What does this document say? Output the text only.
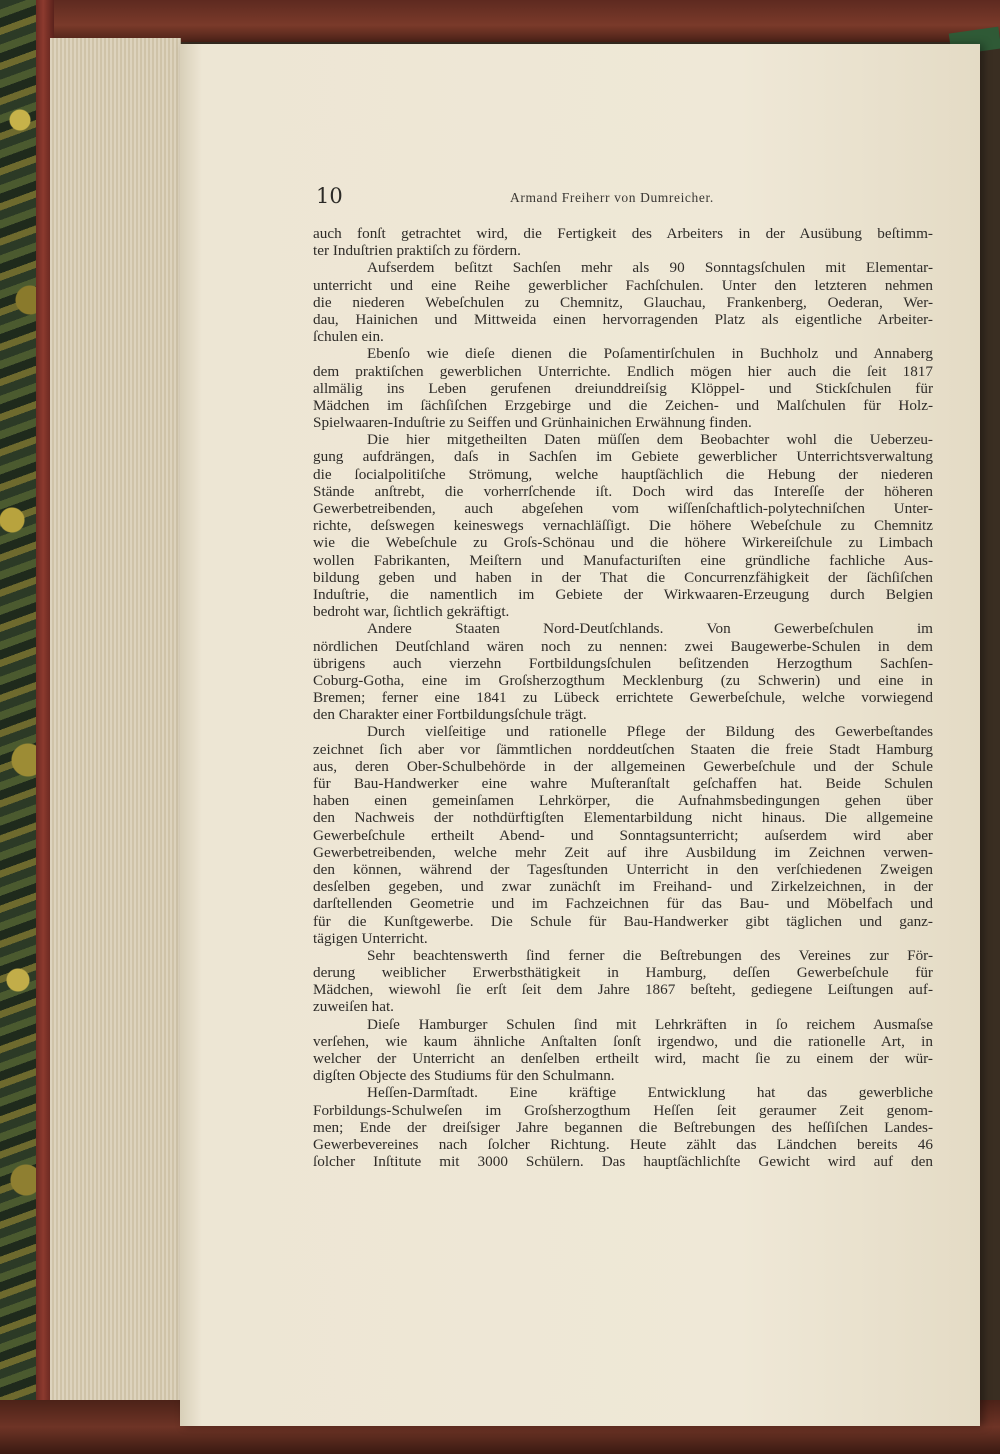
10	Armand Freiherr von Dumreicher.
auch fonſt getrachtet wird, die Fertigkeit des Arbeiters in der Ausübung beſtimm-
ter Induſtrien praktiſch zu fördern.
Aufserdem beſitzt Sachſen mehr als 90 Sonntagsſchulen mit Elementar-
unterricht und eine Reihe gewerblicher Fachſchulen. Unter den letzteren nehmen
die niederen Webeſchulen zu Chemnitz, Glauchau, Frankenberg, Oederan, Wer-
dau, Hainichen und Mittweida einen hervorragenden Platz als eigentliche Arbeiter-
ſchulen ein.
Ebenſo wie dieſe dienen die Poſamentirſchulen in Buchholz und Annaberg
dem praktiſchen gewerblichen Unterrichte. Endlich mögen hier auch die ſeit 1817
allmälig ins Leben gerufenen dreiunddreiſsig Klöppel- und Stickſchulen für
Mädchen im ſächſiſchen Erzgebirge und die Zeichen- und Malſchulen für Holz-
Spielwaaren-Induſtrie zu Seiffen und Grünhainichen Erwähnung finden.
Die hier mitgetheilten Daten müſſen dem Beobachter wohl die Ueberzeu-
gung aufdrängen, daſs in Sachſen im Gebiete gewerblicher Unterrichtsverwaltung
die ſocialpolitiſche Strömung, welche hauptſächlich die Hebung der niederen
Stände anſtrebt, die vorherrſchende iſt. Doch wird das Intereſſe der höheren
Gewerbetreibenden, auch abgeſehen vom wiſſenſchaftlich-polytechniſchen Unter-
richte, deſswegen keineswegs vernachläſſigt. Die höhere Webeſchule zu Chemnitz
wie die Webeſchule zu Groſs-Schönau und die höhere Wirkereiſchule zu Limbach
wollen Fabrikanten, Meiſtern und Manufacturiſten eine gründliche fachliche Aus-
bildung geben und haben in der That die Concurrenzfähigkeit der ſächſiſchen
Induſtrie, die namentlich im Gebiete der Wirkwaaren-Erzeugung durch Belgien
bedroht war, ſichtlich gekräftigt.
Andere Staaten Nord-Deutſchlands. Von Gewerbeſchulen im
nördlichen Deutſchland wären noch zu nennen: zwei Baugewerbe-Schulen in dem
übrigens auch vierzehn Fortbildungsſchulen beſitzenden Herzogthum Sachſen-
Coburg-Gotha, eine im Groſsherzogthum Mecklenburg (zu Schwerin) und eine in
Bremen; ferner eine 1841 zu Lübeck errichtete Gewerbeſchule, welche vorwiegend
den Charakter einer Fortbildungsſchule trägt.
Durch vielſeitige und rationelle Pflege der Bildung des Gewerbeſtandes
zeichnet ſich aber vor ſämmtlichen norddeutſchen Staaten die freie Stadt Hamburg
aus, deren Ober-Schulbehörde in der allgemeinen Gewerbeſchule und der Schule
für Bau-Handwerker eine wahre Muſteranſtalt geſchaffen hat. Beide Schulen
haben einen gemeinſamen Lehrkörper, die Aufnahmsbedingungen gehen über
den Nachweis der nothdürftigſten Elementarbildung nicht hinaus. Die allgemeine
Gewerbeſchule ertheilt Abend- und Sonntagsunterricht; auſserdem wird aber
Gewerbetreibenden, welche mehr Zeit auf ihre Ausbildung im Zeichnen verwen-
den können, während der Tagesſtunden Unterricht in den verſchiedenen Zweigen
desſelben gegeben, und zwar zunächſt im Freihand- und Zirkelzeichnen, in der
darſtellenden Geometrie und im Fachzeichnen für das Bau- und Möbelfach und
für die Kunſtgewerbe. Die Schule für Bau-Handwerker gibt täglichen und ganz-
tägigen Unterricht.
Sehr beachtenswerth ſind ferner die Beſtrebungen des Vereines zur För-
derung weiblicher Erwerbsthätigkeit in Hamburg, deſſen Gewerbeſchule für
Mädchen, wiewohl ſie erſt ſeit dem Jahre 1867 beſteht, gediegene Leiſtungen auf-
zuweiſen hat.
Dieſe Hamburger Schulen ſind mit Lehrkräften in ſo reichem Ausmaſse
verſehen, wie kaum ähnliche Anſtalten ſonſt irgendwo, und die rationelle Art, in
welcher der Unterricht an denſelben ertheilt wird, macht ſie zu einem der wür-
digſten Objecte des Studiums für den Schulmann.
Heſſen-Darmſtadt. Eine kräftige Entwicklung hat das gewerbliche
Forbildungs-Schulweſen im Groſsherzogthum Heſſen ſeit geraumer Zeit genom-
men; Ende der dreiſsiger Jahre begannen die Beſtrebungen des heſſiſchen Landes-
Gewerbevereines nach ſolcher Richtung. Heute zählt das Ländchen bereits 46
ſolcher Inſtitute mit 3000 Schülern. Das hauptſächlichſte Gewicht wird auf den
